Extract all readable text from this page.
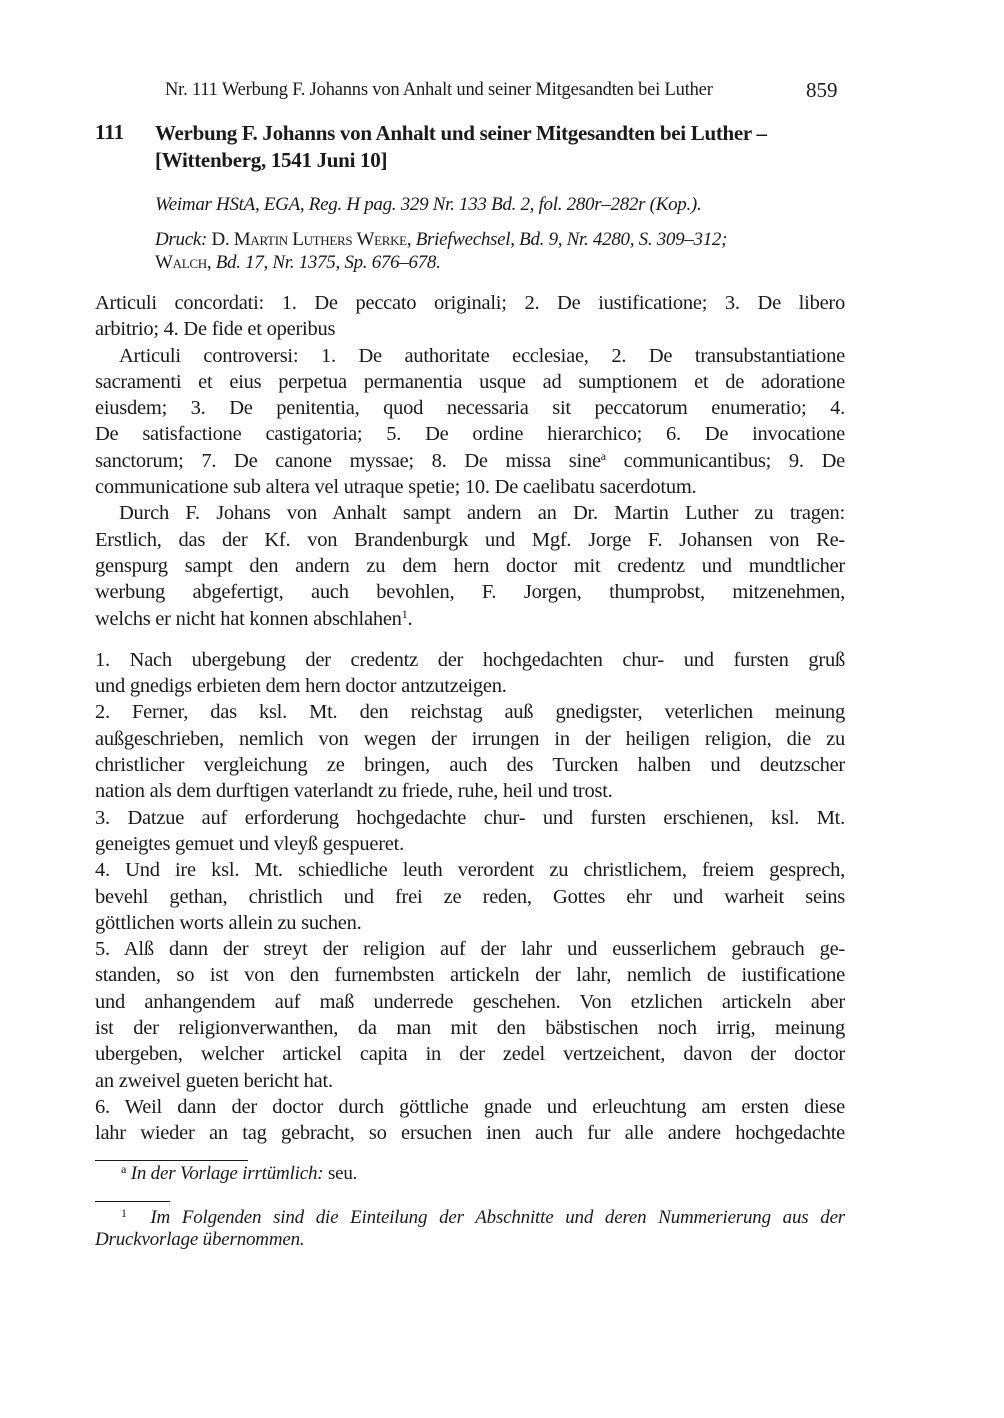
Nr. 111 Werbung F. Johanns von Anhalt und seiner Mitgesandten bei Luther	859
111 Werbung F. Johanns von Anhalt und seiner Mitgesandten bei Luther –
[Wittenberg, 1541 Juni 10]
Weimar HStA, EGA, Reg. H pag. 329 Nr. 133 Bd. 2, fol. 280r–282r (Kop.).
Druck: D. Martin Luthers Werke, Briefwechsel, Bd. 9, Nr. 4280, S. 309–312;
Walch, Bd. 17, Nr. 1375, Sp. 676–678.
Articuli concordati: 1. De peccato originali; 2. De iustificatione; 3. De libero
arbitrio; 4. De fide et operibus
Articuli controversi: 1. De authoritate ecclesiae, 2. De transubstantiatione
sacramenti et eius perpetua permanentia usque ad sumptionem et de adoratione
eiusdem; 3. De penitentia, quod necessaria sit peccatorum enumeratio; 4.
De satisfactione castigatoria; 5. De ordine hierarchico; 6. De invocatione
sanctorum; 7. De canone myssae; 8. De missa sine$^a$ communicantibus; 9. De
communicatione sub altera vel utraque spetie; 10. De caelibatu sacerdotum.
Durch F. Johans von Anhalt sampt andern an Dr. Martin Luther zu tragen:
Erstlich, das der Kf. von Brandenburgk und Mgf. Jorge F. Johansen von Re-
genspurg sampt den andern zu dem hern doctor mit credentz und mundtlicher
werbung abgefertigt, auch bevohlen, F. Jorgen, thumprobst, mitzenehmen,
welchs er nicht hat konnen abschlahen$^1$.
1. Nach ubergebung der credentz der hochgedachten chur- und fursten gruß
und gnedigs erbieten dem hern doctor antzutzeigen.
2. Ferner, das ksl. Mt. den reichstag auß gnedigster, veterlichen meinung
außgeschrieben, nemlich von wegen der irrungen in der heiligen religion, die zu
christlicher vergleichung ze bringen, auch des Turcken halben und deutzscher
nation als dem durftigen vaterlandt zu friede, ruhe, heil und trost.
3. Datzue auf erforderung hochgedachte chur- und fursten erschienen, ksl. Mt.
geneigtes gemuet und vleyß gespueret.
4. Und ire ksl. Mt. schiedliche leuth verordent zu christlichem, freiem gesprech,
bevehl gethan, christlich und frei ze reden, Gottes ehr und warheit seins
göttlichen worts allein zu suchen.
5. Alß dann der streyt der religion auf der lahr und eusserlichem gebrauch ge-
standen, so ist von den furnembsten artickeln der lahr, nemlich de iustificatione
und anhangendem auf maß underrede geschehen. Von etzlichen artickeln aber
ist der religionverwanthen, da man mit den bäbstischen noch irrig, meinung
ubergeben, welcher artickel capita in der zedel vertzeichent, davon der doctor
an zweivel gueten bericht hat.
6. Weil dann der doctor durch göttliche gnade und erleuchtung am ersten diese
lahr wieder an tag gebracht, so ersuchen inen auch fur alle andere hochgedachte
$^a$ In der Vorlage irrtümlich: seu.
$^1$ Im Folgenden sind die Einteilung der Abschnitte und deren Nummerierung aus der
Druckvorlage übernommen.
